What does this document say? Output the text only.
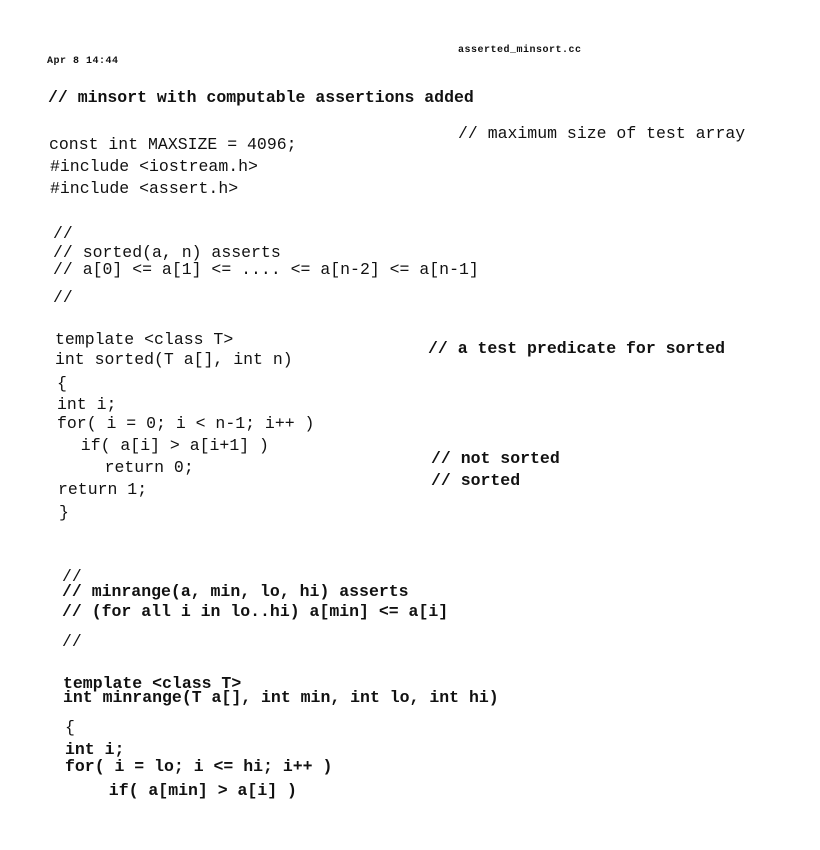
Apr 8 14:44
asserted_minsort.cc
// minsort with computable assertions added
const int MAXSIZE = 4096;
// maximum size of test array
#include <iostream.h>
#include <assert.h>
//
// sorted(a, n) asserts
// a[0] <= a[1] <= .... <= a[n-2] <= a[n-1]
//
template <class T>
int sorted(T a[], int n)
// a test predicate for sorted
{
int i;
for( i = 0; i < n-1; i++ )
if( a[i] > a[i+1] )
return 0;	// not sorted
return 1;	// sorted
}
//
// minrange(a, min, lo, hi) asserts
// (for all i in lo..hi) a[min] <= a[i]
//
template <class T>
int minrange(T a[], int min, int lo, int hi)
{
int i;
for( i = lo; i <= hi; i++ )
if( a[min] > a[i] )
